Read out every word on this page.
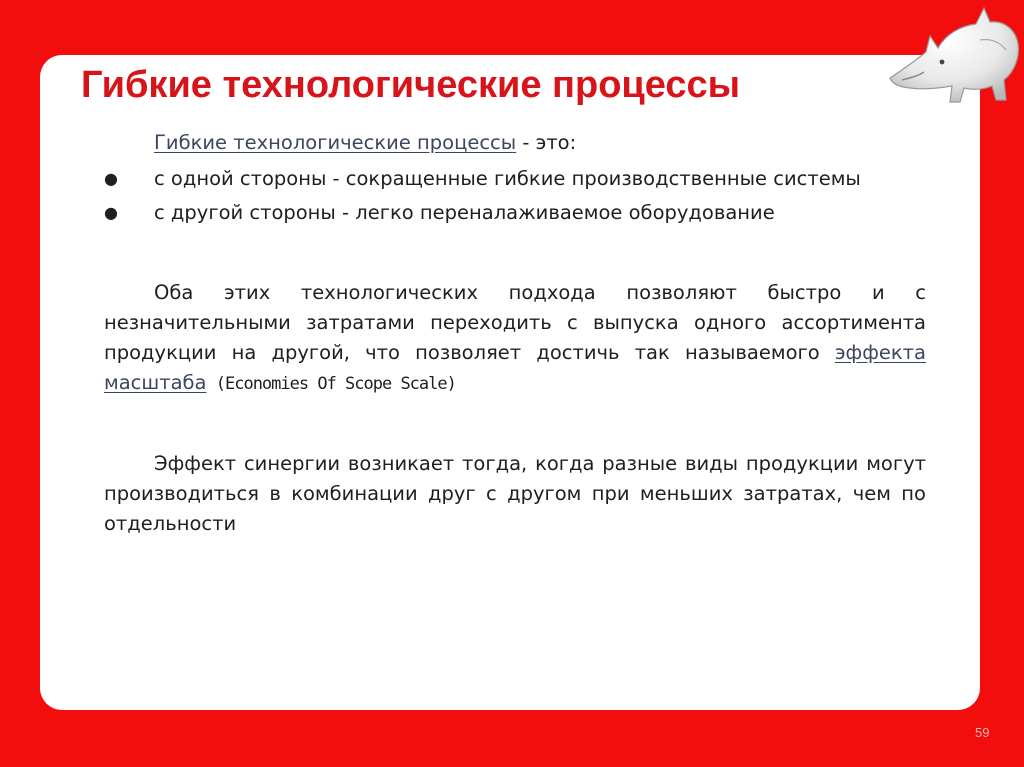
Гибкие технологические процессы

Гибкие технологические процессы - это:

● с одной стороны - сокращенные гибкие производственные системы
● с другой стороны - легко переналаживаемое оборудование

Оба этих технологических подхода позволяют быстро и с незначительными затратами переходить с выпуска одного ассортимента продукции на другой, что позволяет достичь так называемого эффекта масштаба (Economies Of Scope Scale)

Эффект синергии возникает тогда, когда разные виды продукции могут производиться в комбинации друг с другом при меньших затратах, чем по отдельности

59
